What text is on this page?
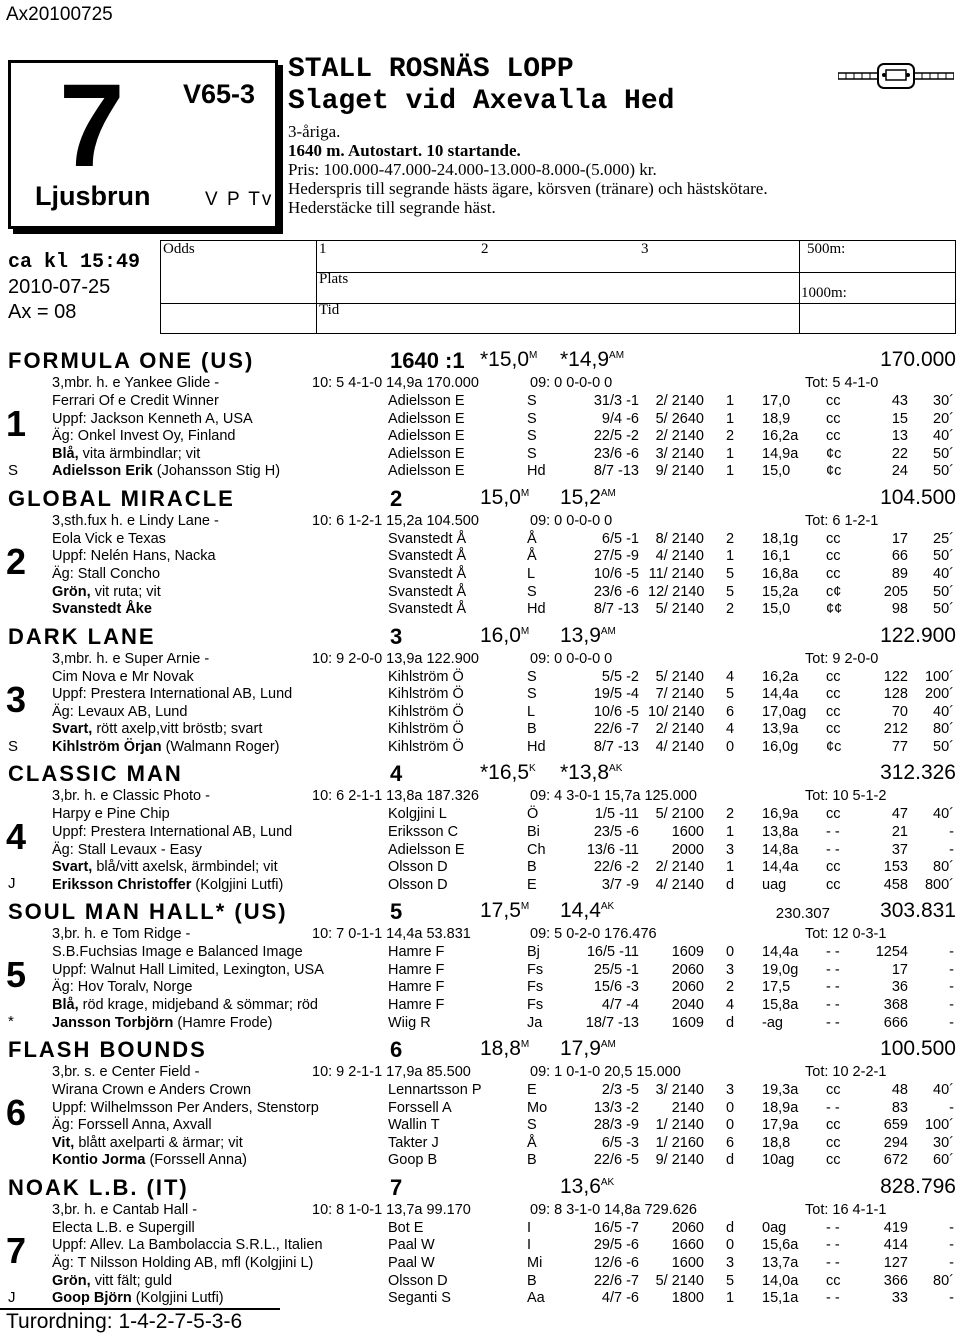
Ax20100725
7
Ljusbrun
V65-3
V P Tv
STALL ROSNÄS LOPP
Slaget vid Axevalla Hed
3-åriga.
1640 m. Autostart. 10 startande.
Pris: 100.000-47.000-24.000-13.000-8.000-(5.000) kr.
Hederspris till segrande hästs ägare, körsven (tränare) och hästskötare.
Hederstäcke till segrande häst.
ca kl 15:49
2010-07-25
Ax = 08
Odds	1	2	3
Plats
Tid
500m:
1000m:
FORMULA ONE (US)	1640 :1 $*15,0^M$ $*14,9^{AM}$	170.000
3,mbr. h. e Yankee Glide -	10: 5 4-1-0 14,9a 170.000	09: 0 0-0-0 0	Tot: 5 4-1-0
1
S
Ferrari Of e Credit Winner	Adielsson E	S	31/3 -1	2/ 2140 1 17,0	cc	43	30´
Uppf: Jackson Kenneth A, USA	Adielsson E	S	9/4 -6	5/ 2640 1 18,9	cc	15	20´
Äg: Onkel Invest Oy, Finland	Adielsson E	S	22/5 -2	2/ 2140 2 16,2a	cc	13	40´
Blå, vita ärmbindlar; vit	Adielsson E	S	23/6 -6	3/ 2140 1 14,9a	¢c	22	50´
Adielsson Erik (Johansson Stig H)	Adielsson E	Hd	8/7 -13	9/ 2140 1 15,0	¢c	24	50´
GLOBAL MIRACLE	2	$15,0^M$ $15,2^{AM}$	104.500
3,sth.fux h. e Lindy Lane -	10: 6 1-2-1 15,2a 104.500	09: 0 0-0-0 0	Tot: 6 1-2-1
2
Eola Vick e Texas	Svanstedt Å	Å	6/5 -1	8/ 2140 2 18,1g	cc	17	25´
Uppf: Nelén Hans, Nacka	Svanstedt Å	Å	27/5 -9	4/ 2140 1 16,1	cc	66	50´
Äg: Stall Concho	Svanstedt Å	L	10/6 -5 11/ 2140 5 16,8a	cc	89	40´
Grön, vit ruta; vit	Svanstedt Å	S	23/6 -6 12/ 2140 5 15,2a	c¢	205	50´
Svanstedt Åke	Svanstedt Å	Hd	8/7 -13	5/ 2140 2 15,0	¢¢	98	50´
DARK LANE	3	$16,0^M$ $13,9^{AM}$	122.900
3,mbr. h. e Super Arnie -	10: 9 2-0-0 13,9a 122.900	09: 0 0-0-0 0	Tot: 9 2-0-0
3
S
Cim Nova e Mr Novak	Kihlström Ö	S	5/5 -2	5/ 2140 4 16,2a	cc	122	100´
Uppf: Prestera International AB, Lund	Kihlström Ö	S	19/5 -4	7/ 2140 5 14,4a	cc	128	200´
Äg: Levaux AB, Lund	Kihlström Ö	L	10/6 -5 10/ 2140 6 17,0ag	cc	70	40´
Svart, rött axelp,vitt bröstb; svart	Kihlström Ö	B	22/6 -7	2/ 2140 4 13,9a	cc	212	80´
Kihlström Örjan (Walmann Roger)	Kihlström Ö	Hd	8/7 -13	4/ 2140 0 16,0g	¢c	77	50´
CLASSIC MAN	4	$*16,5^K$ $*13,8^{AK}$	312.326
3,br. h. e Classic Photo -	10: 6 2-1-1 13,8a 187.326	09: 4 3-0-1 15,7a 125.000	Tot: 10 5-1-2
4
J
Harpy e Pine Chip	Kolgjini L	Ö	1/5 -11	5/ 2100 2 16,9a	cc	47	40´
Uppf: Prestera International AB, Lund	Eriksson C	Bi	23/5 -6	1600 1 13,8a	- -	21	-
Äg: Stall Levaux - Easy	Adielsson E	Ch	13/6 -11	2000 3 14,8a	- -	37	-
Svart, blå/vitt axelsk, ärmbindel; vit	Olsson D	B	22/6 -2	2/ 2140 1 14,4a	cc	153	80´
Eriksson Christoffer (Kolgjini Lutfi)	Olsson D	E	3/7 -9	4/ 2140 d uag	cc	458	800´
SOUL MAN HALL* (US)	5	$17,5^M$ $14,4^{AK}$	230.307 303.831
3,br. h. e Tom Ridge -	10: 7 0-1-1 14,4a 53.831	09: 5 0-2-0 176.476	Tot: 12 0-3-1
5
*
S.B.Fuchsias Image e Balanced Image	Hamre F	Bj	16/5 -11	1609 0 14,4a	- -	1254	-
Uppf: Walnut Hall Limited, Lexington, USA	Hamre F	Fs	25/5 -1	2060 3 19,0g	- -	17	-
Äg: Hov Toralv, Norge	Hamre F	Fs	15/6 -3	2060 2 17,5	- -	36	-
Blå, röd krage, midjeband & sömmar; röd	Hamre F	Fs	4/7 -4	2040 4 15,8a	- -	368	-
Jansson Torbjörn (Hamre Frode)	Wiig R	Ja	18/7 -13	1609 d -ag	- -	666	-
FLASH BOUNDS	6	$18,8^M$ $17,9^{AM}$	100.500
3,br. s. e Center Field -	10: 9 2-1-1 17,9a 85.500	09: 1 0-1-0 20,5 15.000	Tot: 10 2-2-1
6
Wirana Crown e Anders Crown	Lennartsson P	E	2/3 -5	3/ 2140 3 19,3a	cc	48	40´
Uppf: Wilhelmsson Per Anders, Stenstorp	Forssell A	Mo	13/3 -2	2140 0 18,9a	- -	83	-
Äg: Forssell Anna, Axvall	Wallin T	S	28/3 -9	1/ 2140 0 17,9a	cc	659	100´
Vit, blått axelparti & ärmar; vit	Takter J	Å	6/5 -3	1/ 2160 6 18,8	cc	294	30´
Kontio Jorma (Forssell Anna)	Goop B	B	22/6 -5	9/ 2140 d 10ag	cc	672	60´
NOAK L.B. (IT)	7	$13,6^{AK}$	828.796
3,br. h. e Cantab Hall -	10: 8 1-0-1 13,7a 99.170	09: 8 3-1-0 14,8a 729.626	Tot: 16 4-1-1
7
J
Electa L.B. e Supergill	Bot E	I	16/5 -7	2060 d 0ag	- -	419	-
Uppf: Allev. La Bambolaccia S.R.L., Italien	Paal W	I	29/5 -6	1660 0 15,6a	- -	414	-
Äg: T Nilsson Holding AB, mfl (Kolgjini L)	Paal W	Mi	12/6 -6	1600 3 13,7a	- -	127	-
Grön, vitt fält; guld	Olsson D	B	22/6 -7	5/ 2140 5 14,0a	cc	366	80´
Goop Björn (Kolgjini Lutfi)	Seganti S	Aa	4/7 -6	1800 1 15,1a	- -	33	-
Turordning: 1-4-2-7-5-3-6
